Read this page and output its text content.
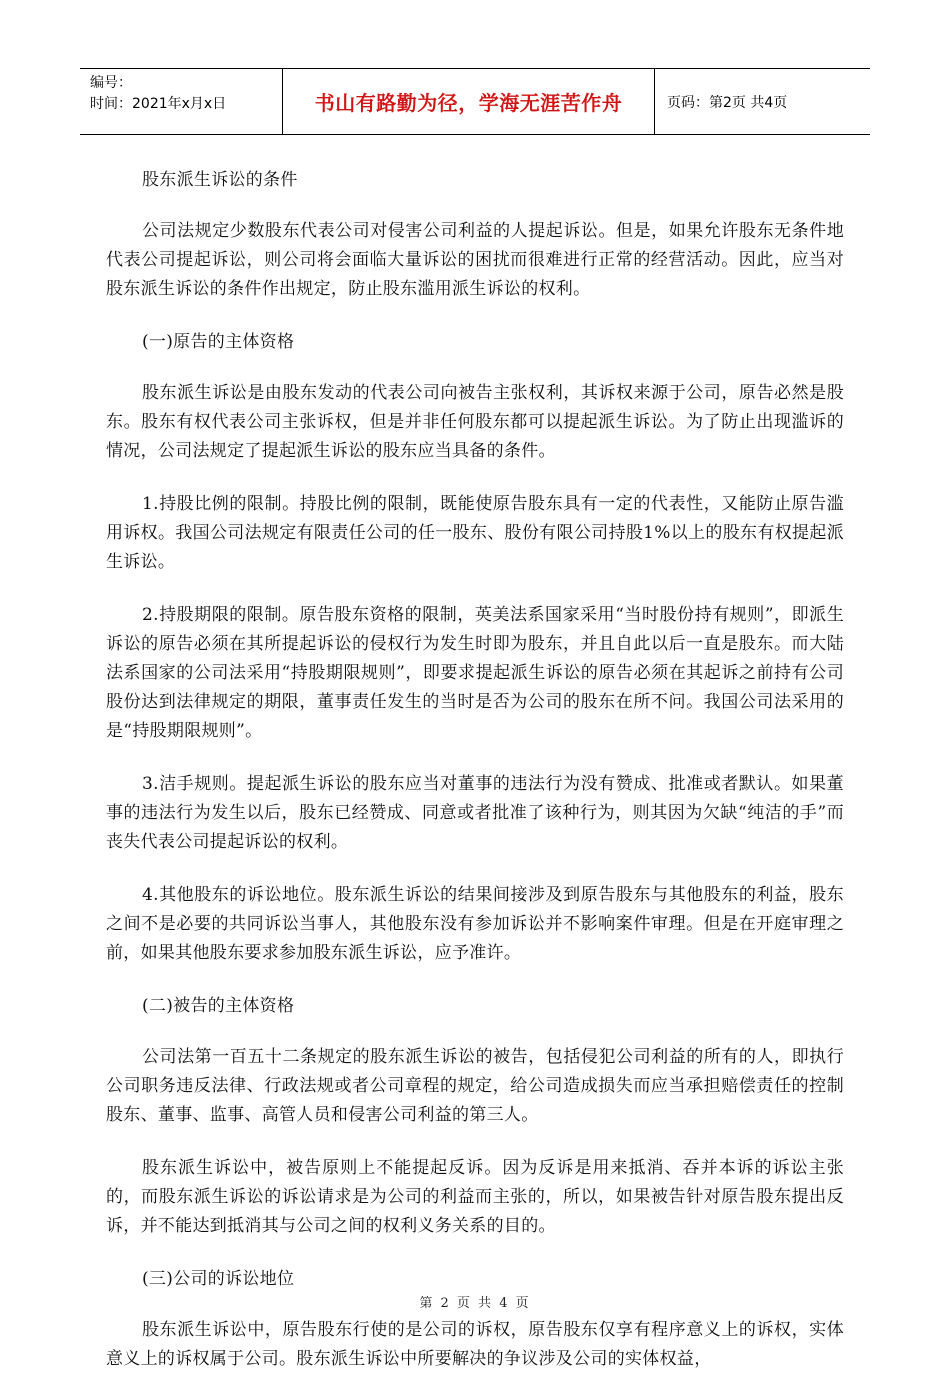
编号：
时间：2021年x月x日	书山有路勤为径，学海无涯苦作舟	页码：第2页 共4页

股东派生诉讼的条件

公司法规定少数股东代表公司对侵害公司利益的人提起诉讼。但是，如果允许股东无条件地代表公司提起诉讼，则公司将会面临大量诉讼的困扰而很难进行正常的经营活动。因此，应当对股东派生诉讼的条件作出规定，防止股东滥用派生诉讼的权利。

(一)原告的主体资格

股东派生诉讼是由股东发动的代表公司向被告主张权利，其诉权来源于公司，原告必然是股东。股东有权代表公司主张诉权，但是并非任何股东都可以提起派生诉讼。为了防止出现滥诉的情况，公司法规定了提起派生诉讼的股东应当具备的条件。

1.持股比例的限制。持股比例的限制，既能使原告股东具有一定的代表性，又能防止原告滥用诉权。我国公司法规定有限责任公司的任一股东、股份有限公司持股1%以上的股东有权提起派生诉讼。

2.持股期限的限制。原告股东资格的限制，英美法系国家采用“当时股份持有规则”，即派生诉讼的原告必须在其所提起诉讼的侵权行为发生时即为股东，并且自此以后一直是股东。而大陆法系国家的公司法采用“持股期限规则”，即要求提起派生诉讼的原告必须在其起诉之前持有公司股份达到法律规定的期限，董事责任发生的当时是否为公司的股东在所不问。我国公司法采用的是“持股期限规则”。

3.洁手规则。提起派生诉讼的股东应当对董事的违法行为没有赞成、批准或者默认。如果董事的违法行为发生以后，股东已经赞成、同意或者批准了该种行为，则其因为欠缺“纯洁的手”而丧失代表公司提起诉讼的权利。

4.其他股东的诉讼地位。股东派生诉讼的结果间接涉及到原告股东与其他股东的利益，股东之间不是必要的共同诉讼当事人，其他股东没有参加诉讼并不影响案件审理。但是在开庭审理之前，如果其他股东要求参加股东派生诉讼，应予准许。

(二)被告的主体资格

公司法第一百五十二条规定的股东派生诉讼的被告，包括侵犯公司利益的所有的人，即执行公司职务违反法律、行政法规或者公司章程的规定，给公司造成损失而应当承担赔偿责任的控制股东、董事、监事、高管人员和侵害公司利益的第三人。

股东派生诉讼中，被告原则上不能提起反诉。因为反诉是用来抵消、吞并本诉的诉讼主张的，而股东派生诉讼的诉讼请求是为公司的利益而主张的，所以，如果被告针对原告股东提出反诉，并不能达到抵消其与公司之间的权利义务关系的目的。

(三)公司的诉讼地位

股东派生诉讼中，原告股东行使的是公司的诉权，原告股东仅享有程序意义上的诉权，实体意义上的诉权属于公司。股东派生诉讼中所要解决的争议涉及公司的实体权益，

第 2 页 共 4 页
